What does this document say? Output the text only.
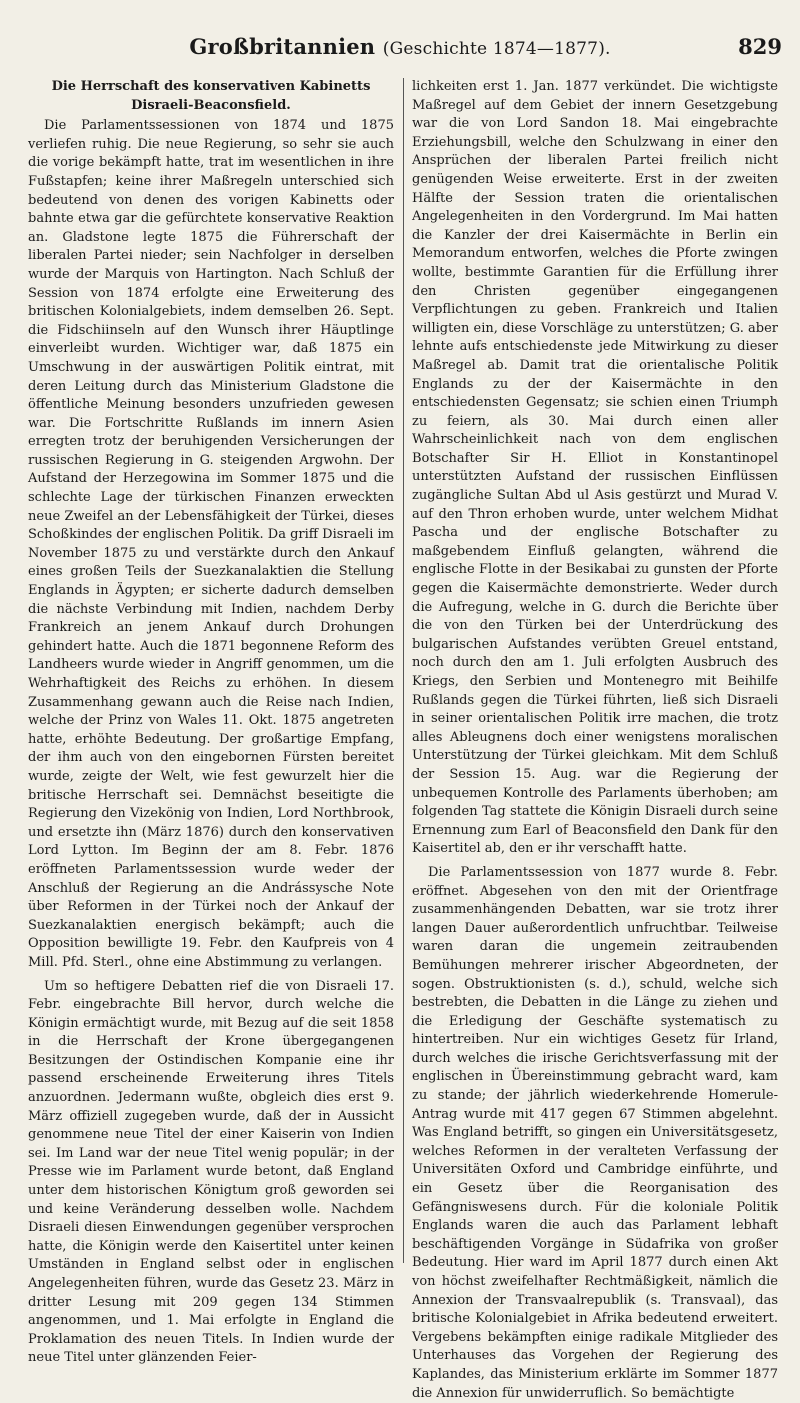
Großbritannien (Geschichte 1874—1877).	829
Die Herrschaft des konservativen Kabinetts Disraeli-Beaconsfield.

Die Parlamentssessionen von 1874 und 1875 verliefen ruhig. Die neue Regierung, so sehr sie auch die vorige bekämpft hatte, trat im wesentlichen in ihre Fußstapfen; keine ihrer Maßregeln unterschied sich bedeutend von denen des vorigen Kabinetts oder bahnte etwa gar die gefürchtete konservative Reaktion an. Gladstone legte 1875 die Führerschaft der liberalen Partei nieder; sein Nachfolger in derselben wurde der Marquis von Hartington. Nach Schluß der Session von 1874 erfolgte eine Erweiterung des britischen Kolonialgebiets, indem demselben 26. Sept. die Fidschiinseln auf den Wunsch ihrer Häuptlinge einverleibt wurden. Wichtiger war, daß 1875 ein Umschwung in der auswärtigen Politik eintrat, mit deren Leitung durch das Ministerium Gladstone die öffentliche Meinung besonders unzufrieden gewesen war. Die Fortschritte Rußlands im innern Asien erregten trotz der beruhigenden Versicherungen der russischen Regierung in G. steigenden Argwohn. Der Aufstand der Herzegowina im Sommer 1875 und die schlechte Lage der türkischen Finanzen erweckten neue Zweifel an der Lebensfähigkeit der Türkei, dieses Schoßkindes der englischen Politik. Da griff Disraeli im November 1875 zu und verstärkte durch den Ankauf eines großen Teils der Suezkanalaktien die Stellung Englands in Ägypten; er sicherte dadurch demselben die nächste Verbindung mit Indien, nachdem Derby Frankreich an jenem Ankauf durch Drohungen gehindert hatte. Auch die 1871 begonnene Reform des Landheers wurde wieder in Angriff genommen, um die Wehrhaftigkeit des Reichs zu erhöhen. In diesem Zusammenhang gewann auch die Reise nach Indien, welche der Prinz von Wales 11. Okt. 1875 angetreten hatte, erhöhte Bedeutung. Der großartige Empfang, der ihm auch von den eingebornen Fürsten bereitet wurde, zeigte der Welt, wie fest gewurzelt hier die britische Herrschaft sei. Demnächst beseitigte die Regierung den Vizekönig von Indien, Lord Northbrook, und ersetzte ihn (März 1876) durch den konservativen Lord Lytton. Im Beginn der am 8. Febr. 1876 eröffneten Parlamentssession wurde weder der Anschluß der Regierung an die Andrássysche Note über Reformen in der Türkei noch der Ankauf der Suezkanalaktien energisch bekämpft; auch die Opposition bewilligte 19. Febr. den Kaufpreis von 4 Mill. Pfd. Sterl., ohne eine Abstimmung zu verlangen.

Um so heftigere Debatten rief die von Disraeli 17. Febr. eingebrachte Bill hervor, durch welche die Königin ermächtigt wurde, mit Bezug auf die seit 1858 in die Herrschaft der Krone übergegangenen Besitzungen der Ostindischen Kompanie eine ihr passend erscheinende Erweiterung ihres Titels anzuordnen. Jedermann wußte, obgleich dies erst 9. März offiziell zugegeben wurde, daß der in Aussicht genommene neue Titel der einer Kaiserin von Indien sei. Im Land war der neue Titel wenig populär; in der Presse wie im Parlament wurde betont, daß England unter dem historischen Königtum groß geworden sei und keine Veränderung desselben wolle. Nachdem Disraeli diesen Einwendungen gegenüber versprochen hatte, die Königin werde den Kaisertitel unter keinen Umständen in England selbst oder in englischen Angelegenheiten führen, wurde das Gesetz 23. März in dritter Lesung mit 209 gegen 134 Stimmen angenommen, und 1. Mai erfolgte in England die Proklamation des neuen Titels. In Indien wurde der neue Titel unter glänzenden Feier-

lichkeiten erst 1. Jan. 1877 verkündet. Die wichtigste Maßregel auf dem Gebiet der innern Gesetzgebung war die von Lord Sandon 18. Mai eingebrachte Erziehungsbill, welche den Schulzwang in einer den Ansprüchen der liberalen Partei freilich nicht genügenden Weise erweiterte. Erst in der zweiten Hälfte der Session traten die orientalischen Angelegenheiten in den Vordergrund. Im Mai hatten die Kanzler der drei Kaisermächte in Berlin ein Memorandum entworfen, welches die Pforte zwingen wollte, bestimmte Garantien für die Erfüllung ihrer den Christen gegenüber eingegangenen Verpflichtungen zu geben. Frankreich und Italien willigten ein, diese Vorschläge zu unterstützen; G. aber lehnte aufs entschiedenste jede Mitwirkung zu dieser Maßregel ab. Damit trat die orientalische Politik Englands zu der der Kaisermächte in den entschiedensten Gegensatz; sie schien einen Triumph zu feiern, als 30. Mai durch einen aller Wahrscheinlichkeit nach von dem englischen Botschafter Sir H. Elliot in Konstantinopel unterstützten Aufstand der russischen Einflüssen zugängliche Sultan Abd ul Asis gestürzt und Murad V. auf den Thron erhoben wurde, unter welchem Midhat Pascha und der englische Botschafter zu maßgebendem Einfluß gelangten, während die englische Flotte in der Besikabai zu gunsten der Pforte gegen die Kaisermächte demonstrierte. Weder durch die Aufregung, welche in G. durch die Berichte über die von den Türken bei der Unterdrückung des bulgarischen Aufstandes verübten Greuel entstand, noch durch den am 1. Juli erfolgten Ausbruch des Kriegs, den Serbien und Montenegro mit Beihilfe Rußlands gegen die Türkei führten, ließ sich Disraeli in seiner orientalischen Politik irre machen, die trotz alles Ableugnens doch einer wenigstens moralischen Unterstützung der Türkei gleichkam. Mit dem Schluß der Session 15. Aug. war die Regierung der unbequemen Kontrolle des Parlaments überhoben; am folgenden Tag stattete die Königin Disraeli durch seine Ernennung zum Earl of Beaconsfield den Dank für den Kaisertitel ab, den er ihr verschafft hatte.

Die Parlamentssession von 1877 wurde 8. Febr. eröffnet. Abgesehen von den mit der Orientfrage zusammenhängenden Debatten, war sie trotz ihrer langen Dauer außerordentlich unfruchtbar. Teilweise waren daran die ungemein zeitraubenden Bemühungen mehrerer irischer Abgeordneten, der sogen. Obstruktionisten (s. d.), schuld, welche sich bestrebten, die Debatten in die Länge zu ziehen und die Erledigung der Geschäfte systematisch zu hintertreiben. Nur ein wichtiges Gesetz für Irland, durch welches die irische Gerichtsverfassung mit der englischen in Übereinstimmung gebracht ward, kam zu stande; der jährlich wiederkehrende Homerule-Antrag wurde mit 417 gegen 67 Stimmen abgelehnt. Was England betrifft, so gingen ein Universitätsgesetz, welches Reformen in der veralteten Verfassung der Universitäten Oxford und Cambridge einführte, und ein Gesetz über die Reorganisation des Gefängniswesens durch. Für die koloniale Politik Englands waren die auch das Parlament lebhaft beschäftigenden Vorgänge in Südafrika von großer Bedeutung. Hier ward im April 1877 durch einen Akt von höchst zweifelhafter Rechtmäßigkeit, nämlich die Annexion der Transvaalrepublik (s. Transvaal), das britische Kolonialgebiet in Afrika bedeutend erweitert. Vergebens bekämpften einige radikale Mitglieder des Unterhauses das Vorgehen der Regierung des Kaplandes, das Ministerium erklärte im Sommer 1877 die Annexion für unwiderruflich. So bemächtigte
